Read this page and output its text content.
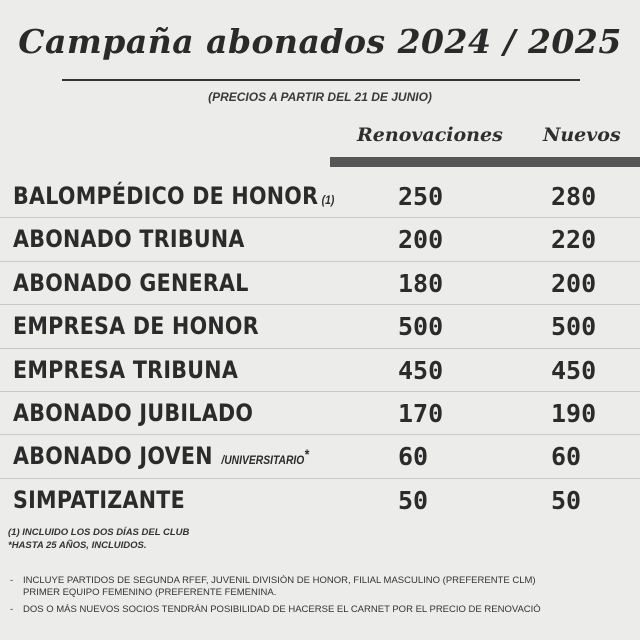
Campaña abonados 2024 / 2025
(PRECIOS A PARTIR DEL 21 DE JUNIO)
Renovaciones Nuevos
BALOMPÉDICO DE HONOR (1)	250	280
ABONADO TRIBUNA	200	220
ABONADO GENERAL	180	200
EMPRESA DE HONOR	500	500
EMPRESA TRIBUNA	450	450
ABONADO JUBILADO	170	190
ABONADO JOVEN /UNIVERSITARIO*	60	60
SIMPATIZANTE	50	50
(1) INCLUIDO LOS DOS DÍAS DEL CLUB
*HASTA 25 AÑOS, INCLUIDOS.
- INCLUYE PARTIDOS DE SEGUNDA RFEF, JUVENIL DIVISIÓN DE HONOR, FILIAL MASCULINO (PREFERENTE CLM)
PRIMER EQUIPO FEMENINO (PREFERENTE FEMENINA.
- DOS O MÁS NUEVOS SOCIOS TENDRÁN POSIBILIDAD DE HACERSE EL CARNET POR EL PRECIO DE RENOVACIÓ
